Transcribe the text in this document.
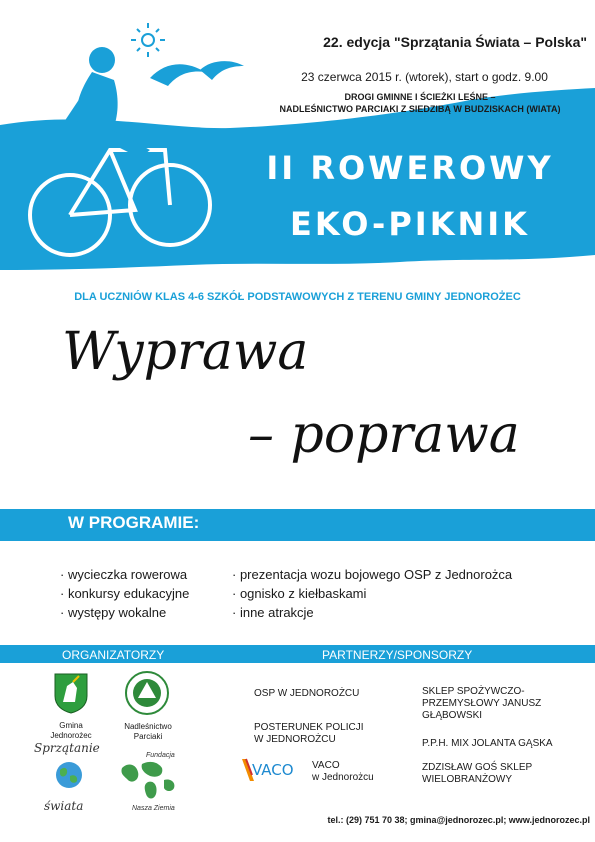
22. edycja "Sprzątania Świata – Polska"
23 czerwca 2015 r. (wtorek), start o godz. 9.00
DROGI GMINNE I ŚCIEŻKI LEŚNE –
NADLEŚNICTWO PARCIAKI Z SIEDZIBĄ W BUDZISKACH (WIATA)
II ROWEROWY
EKO-PIKNIK
DLA UCZNIÓW KLAS 4-6 SZKÓŁ PODSTAWOWYCH Z TERENU GMINY JEDNOROŻEC
Wyprawa
– poprawa
W PROGRAMIE:
· wycieczka rowerowa
· konkursy edukacyjne
· występy wokalne
· prezentacja wozu bojowego OSP z Jednorożca
· ognisko z kiełbaskami
· inne atrakcje
ORGANIZATORZY	PARTNERZY/SPONSORZY
Gmina
Jednorożec
Nadleśnictwo
Parciaki
Sprzątanie
świata
Fundacja
Nasza Ziemia
OSP W JEDNOROŻCU
POSTERUNEK POLICJI
W JEDNOROŻCU
VACO VACO
w Jednorożcu
SKLEP SPOŻYWCZO-
PRZEMYSŁOWY JANUSZ
GŁĄBOWSKI
P.P.H. MIX JOLANTA GĄSKA
ZDZISŁAW GOŚ SKLEP
WIELOBRANŻOWY
tel.: (29) 751 70 38; gmina@jednorozec.pl; www.jednorozec.pl
